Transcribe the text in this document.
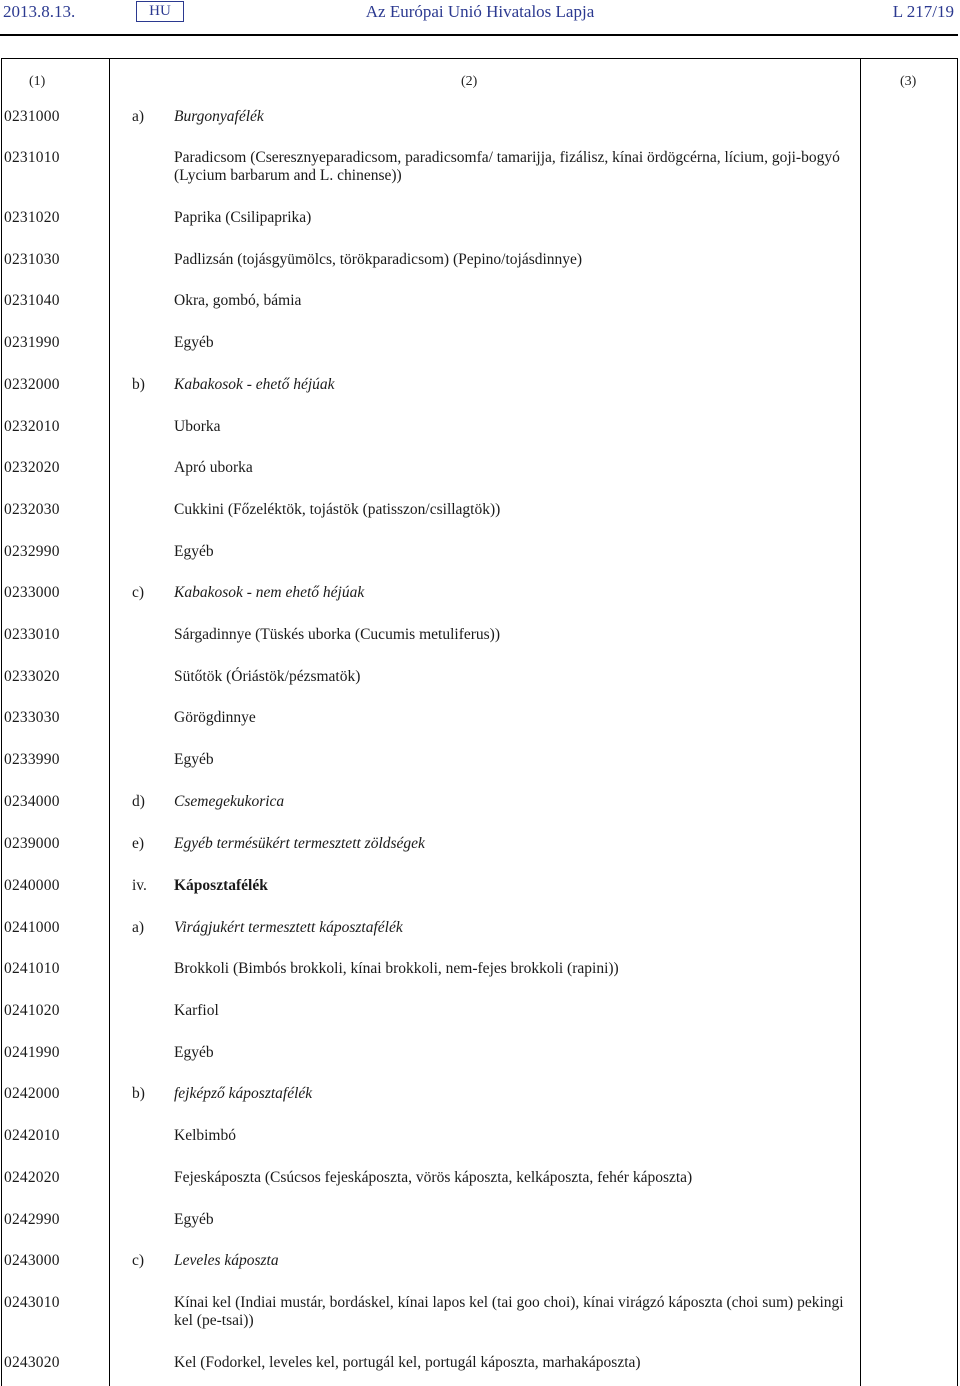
2013.8.13.	HU	Az Európai Unió Hivatalos Lapja	L 217/19
(1)	(2)	(3)
0231000	a) Burgonyafélék
0231010	Paradicsom (Cseresznyeparadicsom, paradicsomfa/ tamarijja, fizálisz, kínai ördögcérna, lícium, goji-bogyó
(Lycium barbarum and L. chinense))
0231020	Paprika (Csilipaprika)
0231030	Padlizsán (tojásgyümölcs, törökparadicsom) (Pepino/tojásdinnye)
0231040	Okra, gombó, bámia
0231990	Egyéb
0232000	b) Kabakosok - ehető héjúak
0232010	Uborka
0232020	Apró uborka
0232030	Cukkini (Főzeléktök, tojástök (patisszon/csillagtök))
0232990	Egyéb
0233000	c) Kabakosok - nem ehető héjúak
0233010	Sárgadinnye (Tüskés uborka (Cucumis metuliferus))
0233020	Sütőtök (Óriástök/pézsmatök)
0233030	Görögdinnye
0233990	Egyéb
0234000	d) Csemegekukorica
0239000	e) Egyéb termésükért termesztett zöldségek
0240000	iv. Káposztafélék
0241000	a) Virágjukért termesztett káposztafélék
0241010	Brokkoli (Bimbós brokkoli, kínai brokkoli, nem-fejes brokkoli (rapini))
0241020	Karfiol
0241990	Egyéb
0242000	b) fejképző káposztafélék
0242010	Kelbimbó
0242020	Fejeskáposzta (Csúcsos fejeskáposzta, vörös káposzta, kelkáposzta, fehér káposzta)
0242990	Egyéb
0243000	c) Leveles káposzta
0243010	Kínai kel (Indiai mustár, bordáskel, kínai lapos kel (tai goo choi), kínai virágzó káposzta (choi sum) pekingi
kel (pe-tsai))
0243020	Kel (Fodorkel, leveles kel, portugál kel, portugál káposzta, marhakáposzta)
